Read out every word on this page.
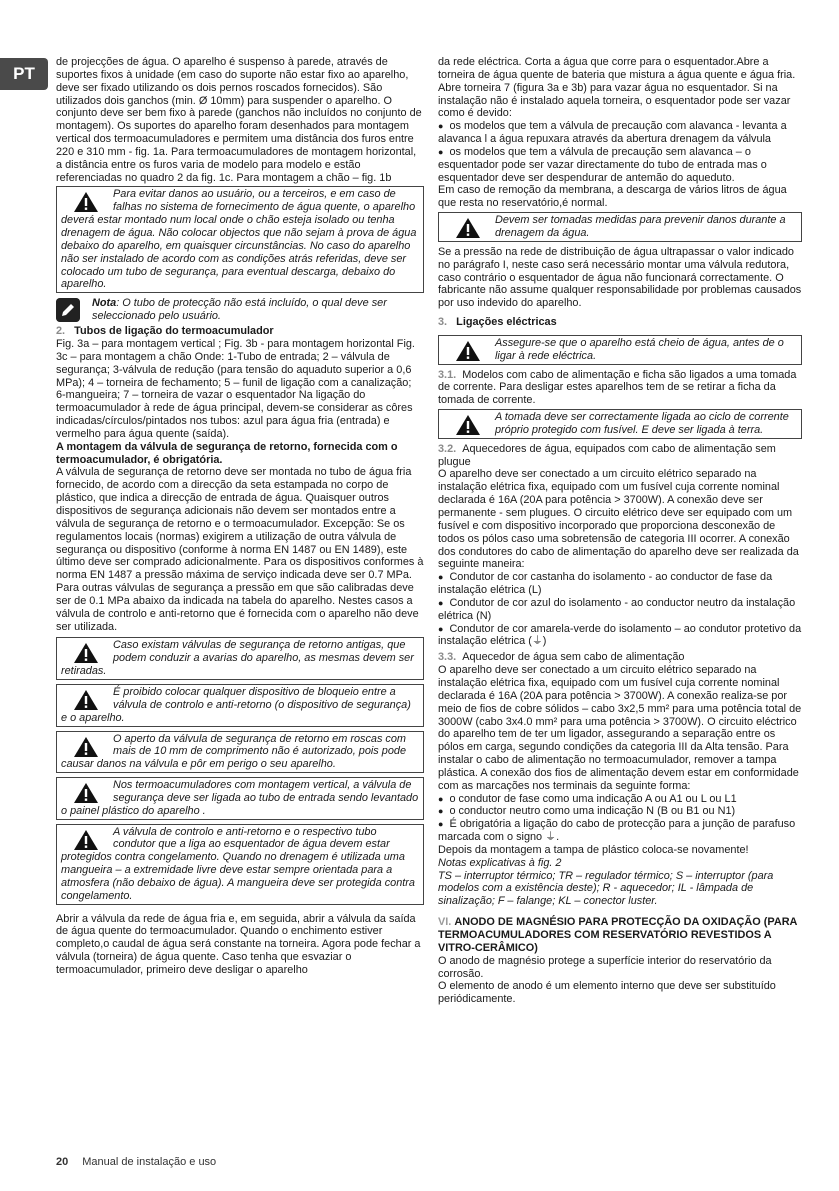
PT

de projecções de água. O aparelho é suspenso à parede, através de suportes fixos à unidade (em caso do suporte não estar fixo ao aparelho, deve ser fixado utilizando os dois pernos roscados fornecidos). São utilizados dois ganchos (min. Ø 10mm) para suspender o aparelho. O conjunto deve ser bem fixo à parede (ganchos não incluídos no conjunto de montagem). Os suportes do aparelho foram desenhados para montagem vertical dos termoacumuladores e permitem uma distância dos furos entre 220 e 310 mm - fig. 1a. Para termoacumuladores de montagem horizontal, a distância entre os furos varia de modelo para modelo e estão referenciadas no quadro 2 da fig. 1c. Para montagem a chão – fig. 1b

Para evitar danos ao usuário, ou a terceiros, e em caso de falhas no sistema de fornecimento de água quente, o aparelho deverá estar montado num local onde o chão esteja isolado ou tenha drenagem de água. Não colocar objectos que não sejam à prova de água debaixo do aparelho, em quaisquer circunstâncias. No caso do aparelho não ser instalado de acordo com as condições atrás referidas, deve ser colocado um tubo de segurança, para eventual descarga, debaixo do aparelho.
Nota: O tubo de protecção não está incluído, o qual deve ser seleccionado pelo usuário.

2. Tubos de ligação do termoacumulador

Fig. 3a – para montagem vertical ; Fig. 3b - para montagem horizontal Fig. 3c – para montagem a chão Onde: 1-Tubo de entrada; 2 – válvula de segurança; 3-válvula de redução (para tensão do aquaduto superior a 0,6 MPa); 4 – torneira de fechamento; 5 – funil de ligação com a canalização; 6-mangueira; 7 – torneira de vazar o esquentador Na ligação do termoacumulador à rede de água principal, devem-se considerar as côres indicadas/círculos/pintados nos tubos: azul para água fria (entrada) e vermelho para água quente (saída).

A montagem da válvula de segurança de retorno, fornecida com o termoacumulador, é obrigatória.

A válvula de segurança de retorno deve ser montada no tubo de água fria fornecido, de acordo com a direcção da seta estampada no corpo de plástico, que indica a direcção de entrada de água. Quaisquer outros dispositivos de segurança adicionais não devem ser montados entre a válvula de segurança de retorno e o termoacumulador. Excepção: Se os regulamentos locais (normas) exigirem a utilização de outra válvula de segurança ou dispositivo (conforme à norma EN 1487 ou EN 1489), este último deve ser comprado adicionalmente. Para os dispositivos conformes à norma EN 1487 a pressão máxima de serviço indicada deve ser 0.7 MPa. Para outras válvulas de segurança a pressão em que são calibradas deve ser de 0.1 MPa abaixo da indicada na tabela do aparelho. Nestes casos a válvula de controlo e anti-retorno que é fornecida com o aparelho não deve ser utilizada.

Caso existam válvulas de segurança de retorno antigas, que podem conduzir a avarias do aparelho, as mesmas devem ser retiradas.
É proibido colocar qualquer dispositivo de bloqueio entre a válvula de controlo e anti-retorno (o dispositivo de segurança) e o aparelho.
O aperto da válvula de segurança de retorno em roscas com mais de 10 mm de comprimento não é autorizado, pois pode causar danos na válvula e pôr em perigo o seu aparelho.
Nos termoacumuladores com montagem vertical, a válvula de segurança deve ser ligada ao tubo de entrada sendo levantado o painel plástico do aparelho .
A válvula de controlo e anti-retorno e o respectivo tubo condutor que a liga ao esquentador de água devem estar protegidos contra congelamento. Quando no drenagem é utilizada uma mangueira – a extremidade livre deve estar sempre orientada para a atmosfera (não debaixo de água). A mangueira deve ser protegida contra congelamento.

Abrir a válvula da rede de água fria e, em seguida, abrir a válvula da saída de água quente do termoacumulador. Quando o enchimento estiver completo,o caudal de água será constante na torneira. Agora pode fechar a válvula (torneira) de água quente. Caso tenha que esvaziar o termoacumulador, primeiro deve desligar o aparelho

da rede eléctrica. Corta a água que corre para o esquentador.Abre a torneira de água quente de bateria que mistura a água quente e água fria. Abre torneira 7 (figura 3a e 3b) para vazar água no esquentador. Si na instalação não é instalado aquela torneira, o esquentador pode ser vazar como é devido:

● os modelos que tem a válvula de precaução com alavanca - levanta a alavanca l a água repuxara através da abertura drenagem da válvula

● os modelos que tem a válvula de precaução sem alavanca – o esquentador pode ser vazar directamente do tubo de entrada mas o esquentador deve ser despendurar de antemão do aqueduto.

Em caso de remoção da membrana, a descarga de vários litros de água que resta no reservatório,é normal.

Devem ser tomadas medidas para prevenir danos durante a drenagem da água.

Se a pressão na rede de distribuição de água ultrapassar o valor indicado no parágrafo I, neste caso será necessário montar uma válvula redutora, caso contrário o esquentador de água não funcionará correctamente. O fabricante não assume qualquer responsabilidade por problemas causados por uso indevido do aparelho.

3. Ligações eléctricas

Assegure-se que o aparelho está cheio de água, antes de o ligar à rede eléctrica.

3.1. Modelos com cabo de alimentação e ficha são ligados a uma tomada de corrente. Para desligar estes aparelhos tem de se retirar a ficha da tomada de corrente.

A tomada deve ser correctamente ligada ao ciclo de corrente próprio protegido com fusível. E deve ser ligada à terra.

3.2. Aquecedores de água, equipados com cabo de alimentação sem plugue

O aparelho deve ser conectado a um circuito elétrico separado na instalação elétrica fixa, equipado com um fusível cuja corrente nominal declarada é 16A (20A para potência > 3700W). A conexão deve ser permanente - sem plugues. O circuito elétrico deve ser equipado com um fusível e com dispositivo incorporado que proporciona desconexão de todos os pólos caso uma sobretensão de categoria III ocorrer. A conexão dos condutores do cabo de alimentação do aparelho deve ser realizada da seguinte maneira:

● Condutor de cor castanha do isolamento - ao conductor de fase da instalação elétrica (L)

● Condutor de cor azul do isolamento - ao conductor neutro da instalação elétrica (N)

● Condutor de cor amarela-verde do isolamento – ao condutor protetivo da instalação elétrica (⏚)

3.3. Aquecedor de água sem cabo de alimentação

O aparelho deve ser conectado a um circuito elétrico separado na instalação elétrica fixa, equipado com um fusível cuja corrente nominal declarada é 16A (20A para potência > 3700W). A conexão realiza-se por meio de fios de cobre sólidos – cabo 3x2,5 mm² para uma potência total de 3000W (cabo 3x4.0 mm² para uma potência > 3700W). O circuito eléctrico do aparelho tem de ter um ligador, assegurando a separação entre os pólos em carga, segundo condições da categoria III da Alta tensão. Para instalar o cabo de alimentação no termoacumulador, remover a tampa plástica. A conexão dos fios de alimentação devem estar em conformidade com as marcações nos terminais da seguinte forma:

● o condutor de fase como uma indicação A ou A1 ou L ou L1

● o conductor neutro como uma indicação N (B ou B1 ou N1)

● É obrigatória a ligação do cabo de protecção para a junção de parafuso marcada com o signo ⏚.

Depois da montagem a tampa de plástico coloca-se novamente!

Notas explicativas à fig. 2

TS – interruptor térmico; TR – regulador térmico; S – interruptor (para modelos com a existência deste); R - aquecedor; IL - lâmpada de sinalização; F – falange; KL – conector luster.

VI. ANODO DE MAGNÉSIO PARA PROTECÇÃO DA OXIDAÇÃO (PARA TERMOACUMULADORES COM RESERVATÓRIO REVESTIDOS A VITRO-CERÂMICO)

O anodo de magnésio protege a superfície interior do reservatório da corrosão.

O elemento de anodo é um elemento interno que deve ser substituído periódicamente.

20 Manual de instalação e uso
